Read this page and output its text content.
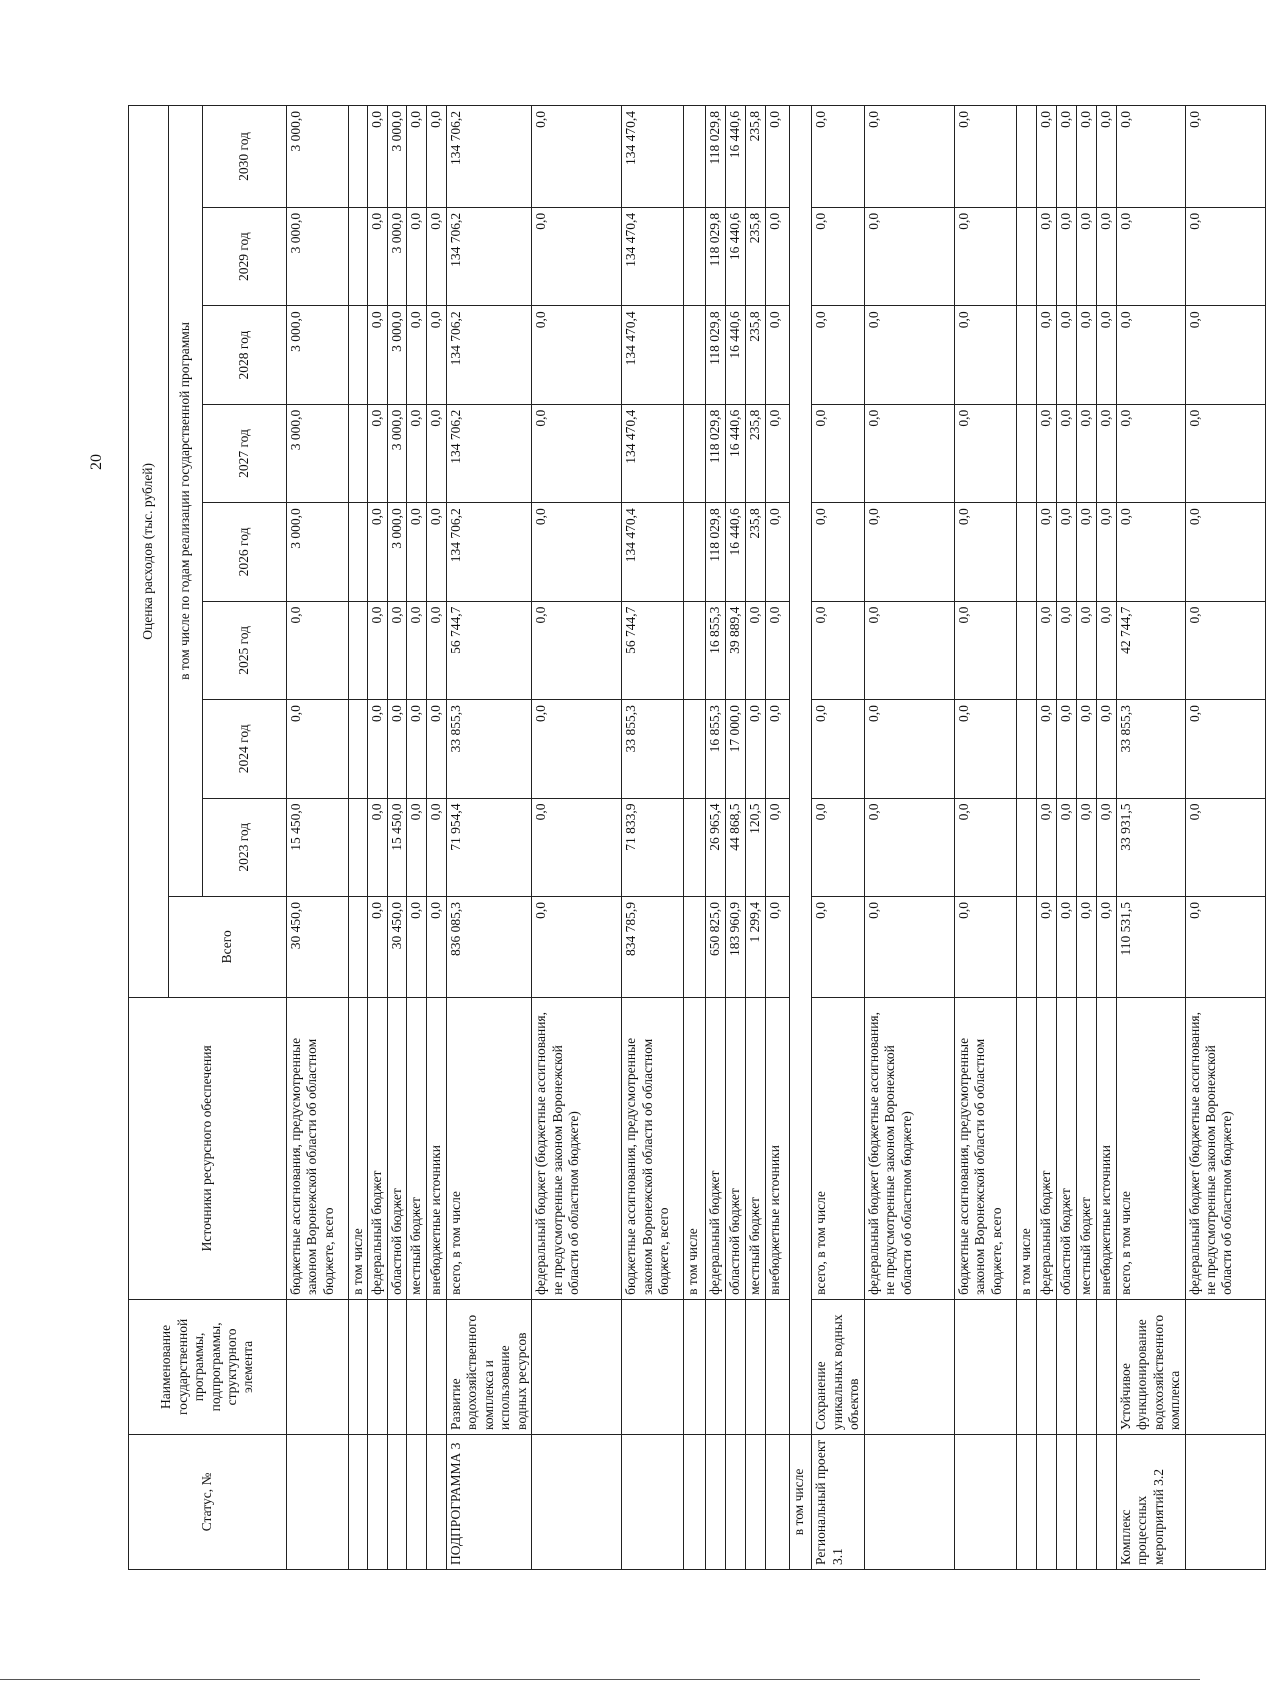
20
Статус, №	Наименование государственной программы, подпрограммы, структурного элемента	Источники ресурсного обеспечения	Оценка расходов (тыс. рублей)								
			Всего	в том числе по годам реализации государственной программы							
				2023 год	2024 год	2025 год	2026 год	2027 год	2028 год	2029 год	2030 год
		бюджетные ассигнования, предусмотренные законом Воронежской области об областном бюджете, всего	30 450,0	15 450,0	0,0	0,0	3 000,0	3 000,0	3 000,0	3 000,0	3 000,0
		в том числе									
		федеральный бюджет	0,0	0,0	0,0	0,0	0,0	0,0	0,0	0,0	0,0
		областной бюджет	30 450,0	15 450,0	0,0	0,0	3 000,0	3 000,0	3 000,0	3 000,0	3 000,0
		местный бюджет	0,0	0,0	0,0	0,0	0,0	0,0	0,0	0,0	0,0
		внебюджетные источники	0,0	0,0	0,0	0,0	0,0	0,0	0,0	0,0	0,0
ПОДПРОГРАММА 3	Развитие водохозяйственного комплекса и использование водных ресурсов	всего, в том числе	836 085,3	71 954,4	33 855,3	56 744,7	134 706,2	134 706,2	134 706,2	134 706,2	134 706,2
		федеральный бюджет (бюджетные ассигнования, не предусмотренные законом Воронежской области об областном бюджете)	0,0	0,0	0,0	0,0	0,0	0,0	0,0	0,0	0,0
		бюджетные ассигнования, предусмотренные законом Воронежской области об областном бюджете, всего	834 785,9	71 833,9	33 855,3	56 744,7	134 470,4	134 470,4	134 470,4	134 470,4	134 470,4
		в том числе									
		федеральный бюджет	650 825,0	26 965,4	16 855,3	16 855,3	118 029,8	118 029,8	118 029,8	118 029,8	118 029,8
		областной бюджет	183 960,9	44 868,5	17 000,0	39 889,4	16 440,6	16 440,6	16 440,6	16 440,6	16 440,6
		местный бюджет	1 299,4	120,5	0,0	0,0	235,8	235,8	235,8	235,8	235,8
		внебюджетные источники	0,0	0,0	0,0	0,0	0,0	0,0	0,0	0,0	0,0
в том числе											
Региональный проект 3.1	Сохранение уникальных водных объектов	всего, в том числе	0,0	0,0	0,0	0,0	0,0	0,0	0,0	0,0	0,0
		федеральный бюджет (бюджетные ассигнования, не предусмотренные законом Воронежской области об областном бюджете)	0,0	0,0	0,0	0,0	0,0	0,0	0,0	0,0	0,0
		бюджетные ассигнования, предусмотренные законом Воронежской области об областном бюджете, всего	0,0	0,0	0,0	0,0	0,0	0,0	0,0	0,0	0,0
		в том числе									
		федеральный бюджет	0,0	0,0	0,0	0,0	0,0	0,0	0,0	0,0	0,0
		областной бюджет	0,0	0,0	0,0	0,0	0,0	0,0	0,0	0,0	0,0
		местный бюджет	0,0	0,0	0,0	0,0	0,0	0,0	0,0	0,0	0,0
		внебюджетные источники	0,0	0,0	0,0	0,0	0,0	0,0	0,0	0,0	0,0
Комплекс процессных мероприятий 3.2	Устойчивое функционирование водохозяйственного комплекса	всего, в том числе	110 531,5	33 931,5	33 855,3	42 744,7	0,0	0,0	0,0	0,0	0,0
		федеральный бюджет (бюджетные ассигнования, не предусмотренные законом Воронежской области об областном бюджете)	0,0	0,0	0,0	0,0	0,0	0,0	0,0	0,0	0,0
